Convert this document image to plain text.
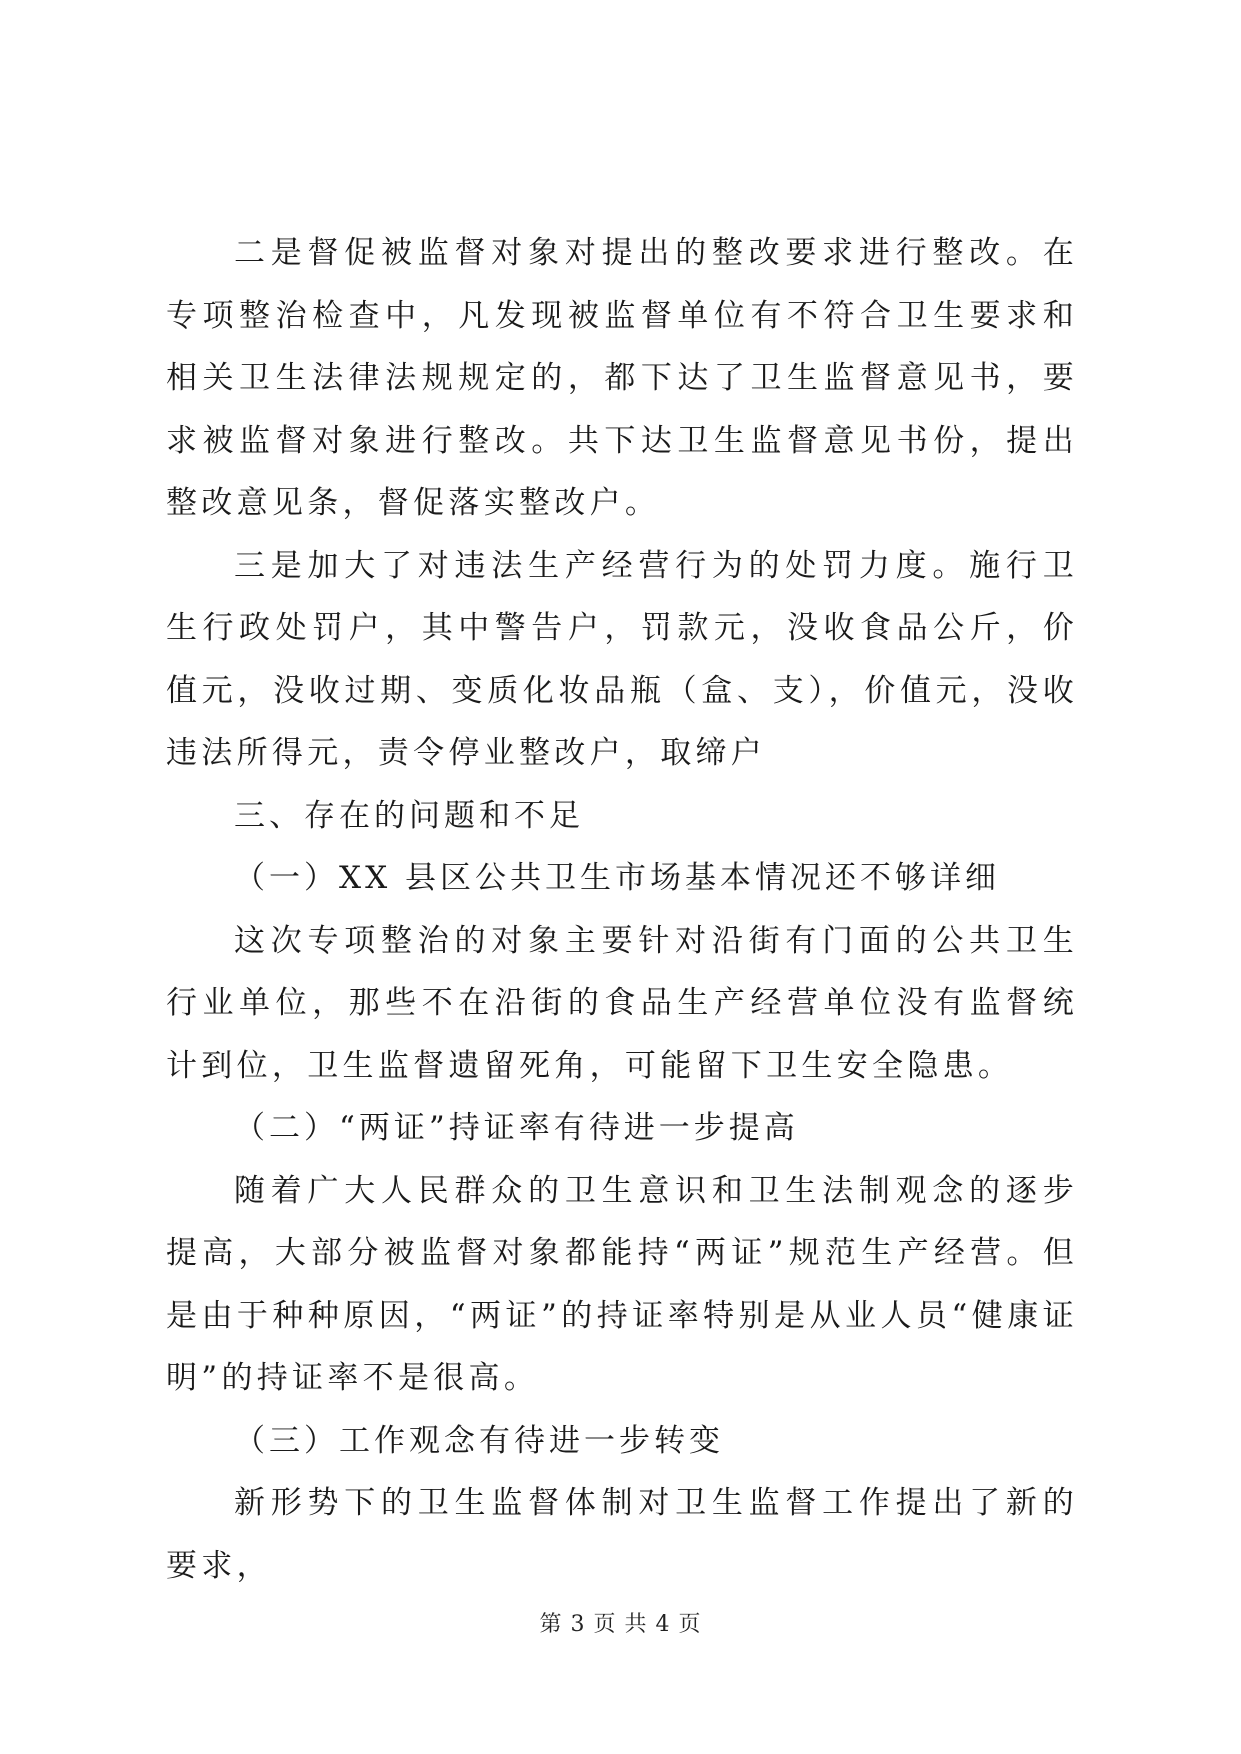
二是督促被监督对象对提出的整改要求进行整改。在专项整治检查中，凡发现被监督单位有不符合卫生要求和相关卫生法律法规规定的，都下达了卫生监督意见书，要求被监督对象进行整改。共下达卫生监督意见书份，提出整改意见条，督促落实整改户。

三是加大了对违法生产经营行为的处罚力度。施行卫生行政处罚户，其中警告户，罚款元，没收食品公斤，价值元，没收过期、变质化妆品瓶（盒、支），价值元，没收违法所得元，责令停业整改户，取缔户

三、存在的问题和不足

（一）XX 县区公共卫生市场基本情况还不够详细

这次专项整治的对象主要针对沿街有门面的公共卫生行业单位，那些不在沿街的食品生产经营单位没有监督统计到位，卫生监督遗留死角，可能留下卫生安全隐患。

（二）“两证”持证率有待进一步提高

随着广大人民群众的卫生意识和卫生法制观念的逐步提高，大部分被监督对象都能持“两证”规范生产经营。但是由于种种原因，“两证”的持证率特别是从业人员“健康证明”的持证率不是很高。

（三）工作观念有待进一步转变

新形势下的卫生监督体制对卫生监督工作提出了新的要求，

第 3 页 共 4 页
